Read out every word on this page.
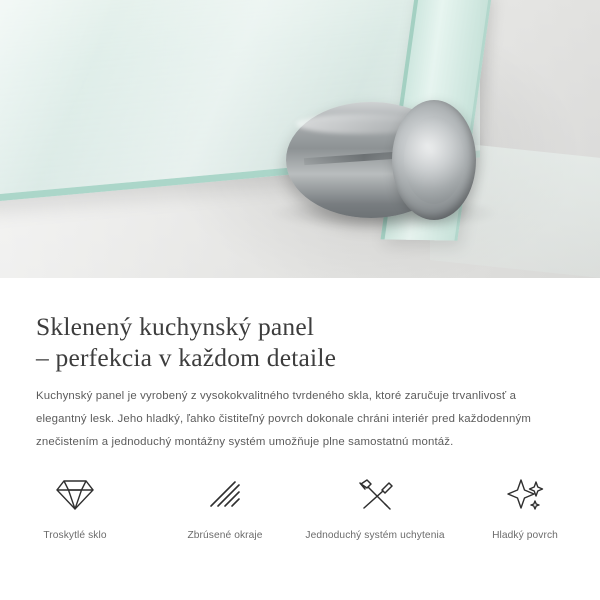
Sklenený kuchynský panel
– perfekcia v každom detaile

Kuchynský panel je vyrobený z vysokokvalitného tvrdeného skla, ktoré zaručuje trvanlivosť a elegantný lesk. Jeho hladký, ľahko čistiteľný povrch dokonale chráni interiér pred každodenným znečistením a jednoduchý montážny systém umožňuje plne samostatnú montáž.

Troskytlé sklo	Zbrúsené okraje	Jednoduchý systém uchytenia	Hladký povrch
